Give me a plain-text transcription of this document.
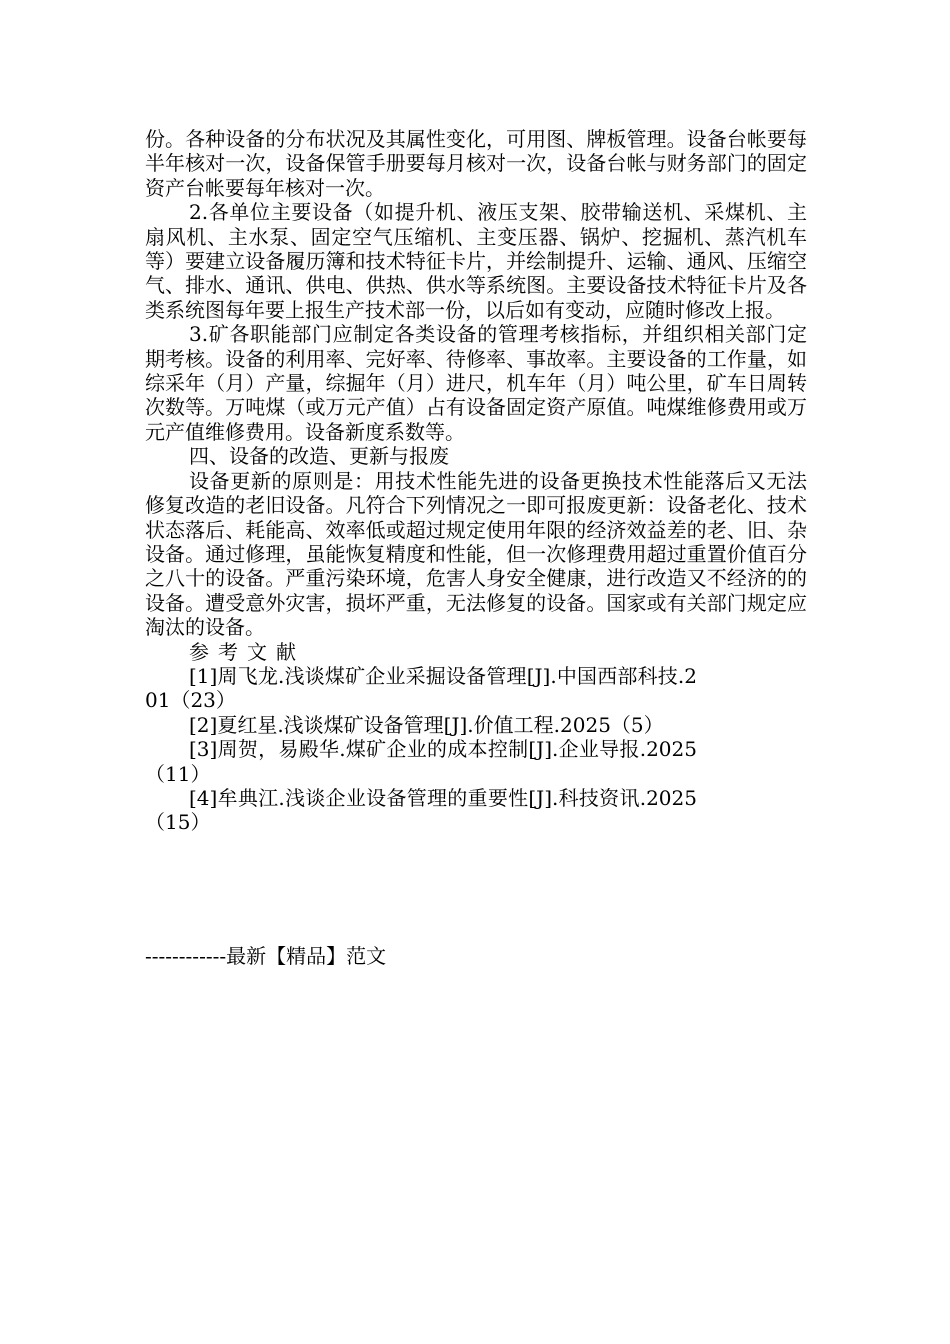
份。各种设备的分布状况及其属性变化，可用图、牌板管理。设备台帐要每半年核对一次，设备保管手册要每月核对一次，设备台帐与财务部门的固定资产台帐要每年核对一次。

2.各单位主要设备（如提升机、液压支架、胶带输送机、采煤机、主扇风机、主水泵、固定空气压缩机、主变压器、锅炉、挖掘机、蒸汽机车等）要建立设备履历簿和技术特征卡片，并绘制提升、运输、通风、压缩空气、排水、通讯、供电、供热、供水等系统图。主要设备技术特征卡片及各类系统图每年要上报生产技术部一份，以后如有变动，应随时修改上报。

3.矿各职能部门应制定各类设备的管理考核指标，并组织相关部门定期考核。设备的利用率、完好率、待修率、事故率。主要设备的工作量，如综采年（月）产量，综掘年（月）进尺，机车年（月）吨公里，矿车日周转次数等。万吨煤（或万元产值）占有设备固定资产原值。吨煤维修费用或万元产值维修费用。设备新度系数等。

四、设备的改造、更新与报废

设备更新的原则是：用技术性能先进的设备更换技术性能落后又无法修复改造的老旧设备。凡符合下列情况之一即可报废更新：设备老化、技术状态落后、耗能高、效率低或超过规定使用年限的经济效益差的老、旧、杂设备。通过修理，虽能恢复精度和性能，但一次修理费用超过重置价值百分之八十的设备。严重污染环境，危害人身安全健康，进行改造又不经济的的设备。遭受意外灾害，损坏严重，无法修复的设备。国家或有关部门规定应淘汰的设备。

参考文献

[1]周飞龙.浅谈煤矿企业采掘设备管理[J].中国西部科技.201（23）

[2]夏红星.浅谈煤矿设备管理[J].价值工程.2025（5）

[3]周贺，易殿华.煤矿企业的成本控制[J].企业导报.2025（11）

[4]牟典江.浅谈企业设备管理的重要性[J].科技资讯.2025（15）

------------最新【精品】范文
